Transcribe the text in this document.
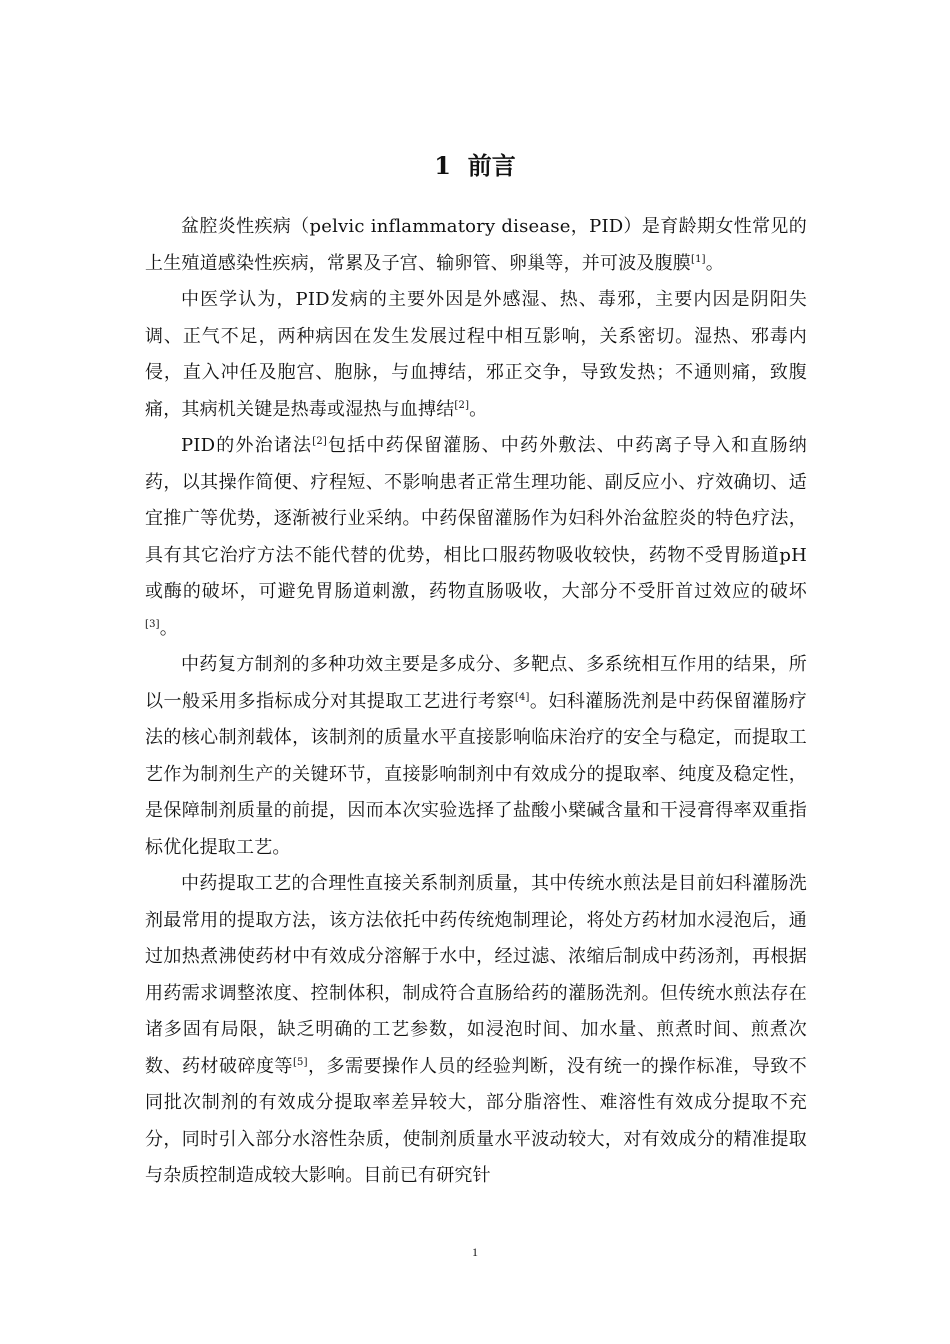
1 前言

盆腔炎性疾病（pelvic inflammatory disease，PID）是育龄期女性常见的上生殖道感染性疾病，常累及子宫、输卵管、卵巢等，并可波及腹膜[1]。

中医学认为，PID发病的主要外因是外感湿、热、毒邪，主要内因是阴阳失调、正气不足，两种病因在发生发展过程中相互影响，关系密切。湿热、邪毒内侵，直入冲任及胞宫、胞脉，与血搏结，邪正交争，导致发热；不通则痛，致腹痛，其病机关键是热毒或湿热与血搏结[2]。

PID的外治诸法[2]包括中药保留灌肠、中药外敷法、中药离子导入和直肠纳药，以其操作简便、疗程短、不影响患者正常生理功能、副反应小、疗效确切、适宜推广等优势，逐渐被行业采纳。中药保留灌肠作为妇科外治盆腔炎的特色疗法，具有其它治疗方法不能代替的优势，相比口服药物吸收较快，药物不受胃肠道pH或酶的破坏，可避免胃肠道刺激，药物直肠吸收，大部分不受肝首过效应的破坏[3]。

中药复方制剂的多种功效主要是多成分、多靶点、多系统相互作用的结果，所以一般采用多指标成分对其提取工艺进行考察[4]。妇科灌肠洗剂是中药保留灌肠疗法的核心制剂载体，该制剂的质量水平直接影响临床治疗的安全与稳定，而提取工艺作为制剂生产的关键环节，直接影响制剂中有效成分的提取率、纯度及稳定性，是保障制剂质量的前提，因而本次实验选择了盐酸小檗碱含量和干浸膏得率双重指标优化提取工艺。

中药提取工艺的合理性直接关系制剂质量，其中传统水煎法是目前妇科灌肠洗剂最常用的提取方法，该方法依托中药传统炮制理论，将处方药材加水浸泡后，通过加热煮沸使药材中有效成分溶解于水中，经过滤、浓缩后制成中药汤剂，再根据用药需求调整浓度、控制体积，制成符合直肠给药的灌肠洗剂。但传统水煎法存在诸多固有局限，缺乏明确的工艺参数，如浸泡时间、加水量、煎煮时间、煎煮次数、药材破碎度等[5]，多需要操作人员的经验判断，没有统一的操作标准，导致不同批次制剂的有效成分提取率差异较大，部分脂溶性、难溶性有效成分提取不充分，同时引入部分水溶性杂质，使制剂质量水平波动较大，对有效成分的精准提取与杂质控制造成较大影响。目前已有研究针

1
